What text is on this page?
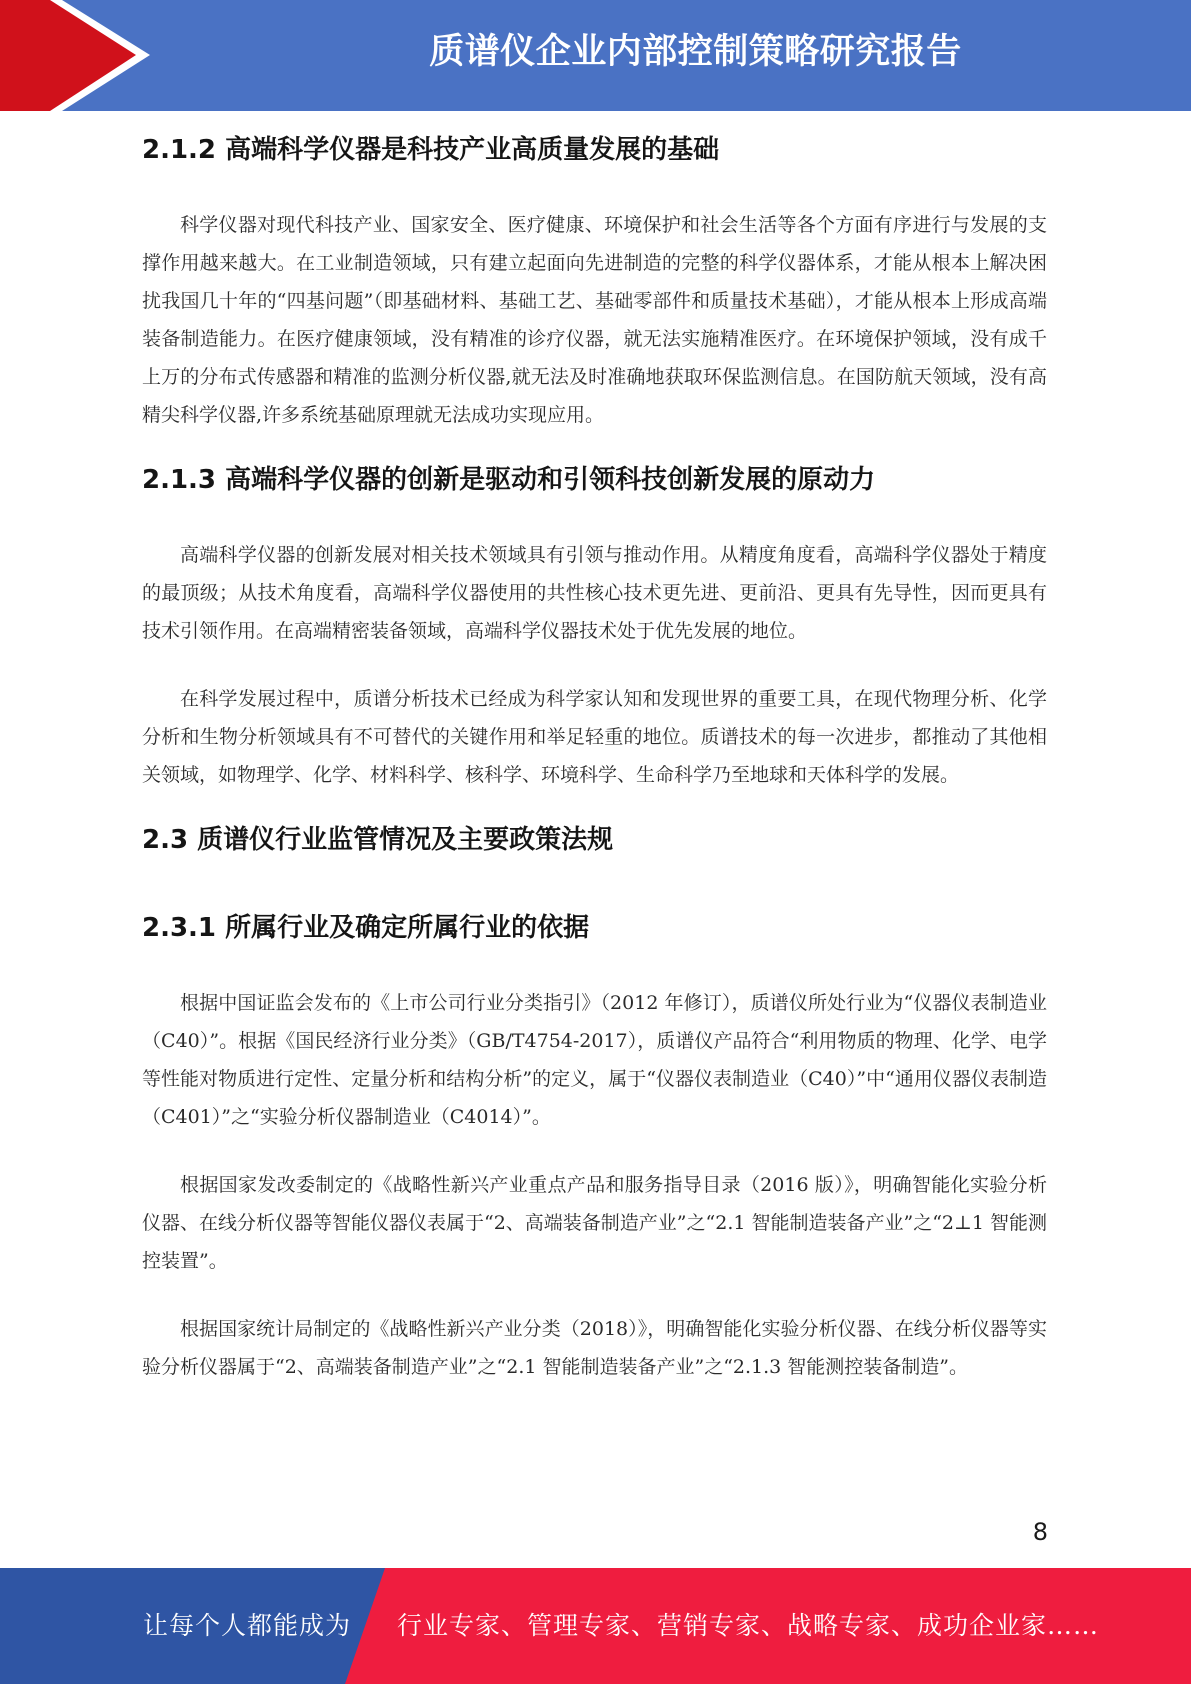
质谱仪企业内部控制策略研究报告
2.1.2 高端科学仪器是科技产业高质量发展的基础

科学仪器对现代科技产业、国家安全、医疗健康、环境保护和社会生活等各个方面有序进行与发展的支撑作用越来越大。在工业制造领域，只有建立起面向先进制造的完整的科学仪器体系，才能从根本上解决困扰我国几十年的“四基问题”（即基础材料、基础工艺、基础零部件和质量技术基础），才能从根本上形成高端装备制造能力。在医疗健康领域，没有精准的诊疗仪器，就无法实施精准医疗。在环境保护领域，没有成千上万的分布式传感器和精准的监测分析仪器,就无法及时准确地获取环保监测信息。在国防航天领域，没有高精尖科学仪器,许多系统基础原理就无法成功实现应用。

2.1.3 高端科学仪器的创新是驱动和引领科技创新发展的原动力

高端科学仪器的创新发展对相关技术领域具有引领与推动作用。从精度角度看，高端科学仪器处于精度的最顶级；从技术角度看，高端科学仪器使用的共性核心技术更先进、更前沿、更具有先导性，因而更具有技术引领作用。在高端精密装备领域，高端科学仪器技术处于优先发展的地位。

在科学发展过程中，质谱分析技术已经成为科学家认知和发现世界的重要工具，在现代物理分析、化学分析和生物分析领域具有不可替代的关键作用和举足轻重的地位。质谱技术的每一次进步，都推动了其他相关领域，如物理学、化学、材料科学、核科学、环境科学、生命科学乃至地球和天体科学的发展。

2.3 质谱仪行业监管情况及主要政策法规
2.3.1 所属行业及确定所属行业的依据

根据中国证监会发布的《上市公司行业分类指引》（2012 年修订），质谱仪所处行业为“仪器仪表制造业（C40）”。根据《国民经济行业分类》（GB/T4754-2017），质谱仪产品符合“利用物质的物理、化学、电学等性能对物质进行定性、定量分析和结构分析”的定义，属于“仪器仪表制造业（C40）”中“通用仪器仪表制造（C401）”之“实验分析仪器制造业（C4014）”。

根据国家发改委制定的《战略性新兴产业重点产品和服务指导目录（2016 版）》，明确智能化实验分析仪器、在线分析仪器等智能仪器仪表属于“2、高端装备制造产业”之“2.1 智能制造装备产业”之“2⊥1 智能测控装置”。

根据国家统计局制定的《战略性新兴产业分类（2018）》，明确智能化实验分析仪器、在线分析仪器等实验分析仪器属于“2、高端装备制造产业”之“2.1 智能制造装备产业”之“2.1.3 智能测控装备制造”。

8
让每个人都能成为 行业专家、管理专家、营销专家、战略专家、成功企业家……
